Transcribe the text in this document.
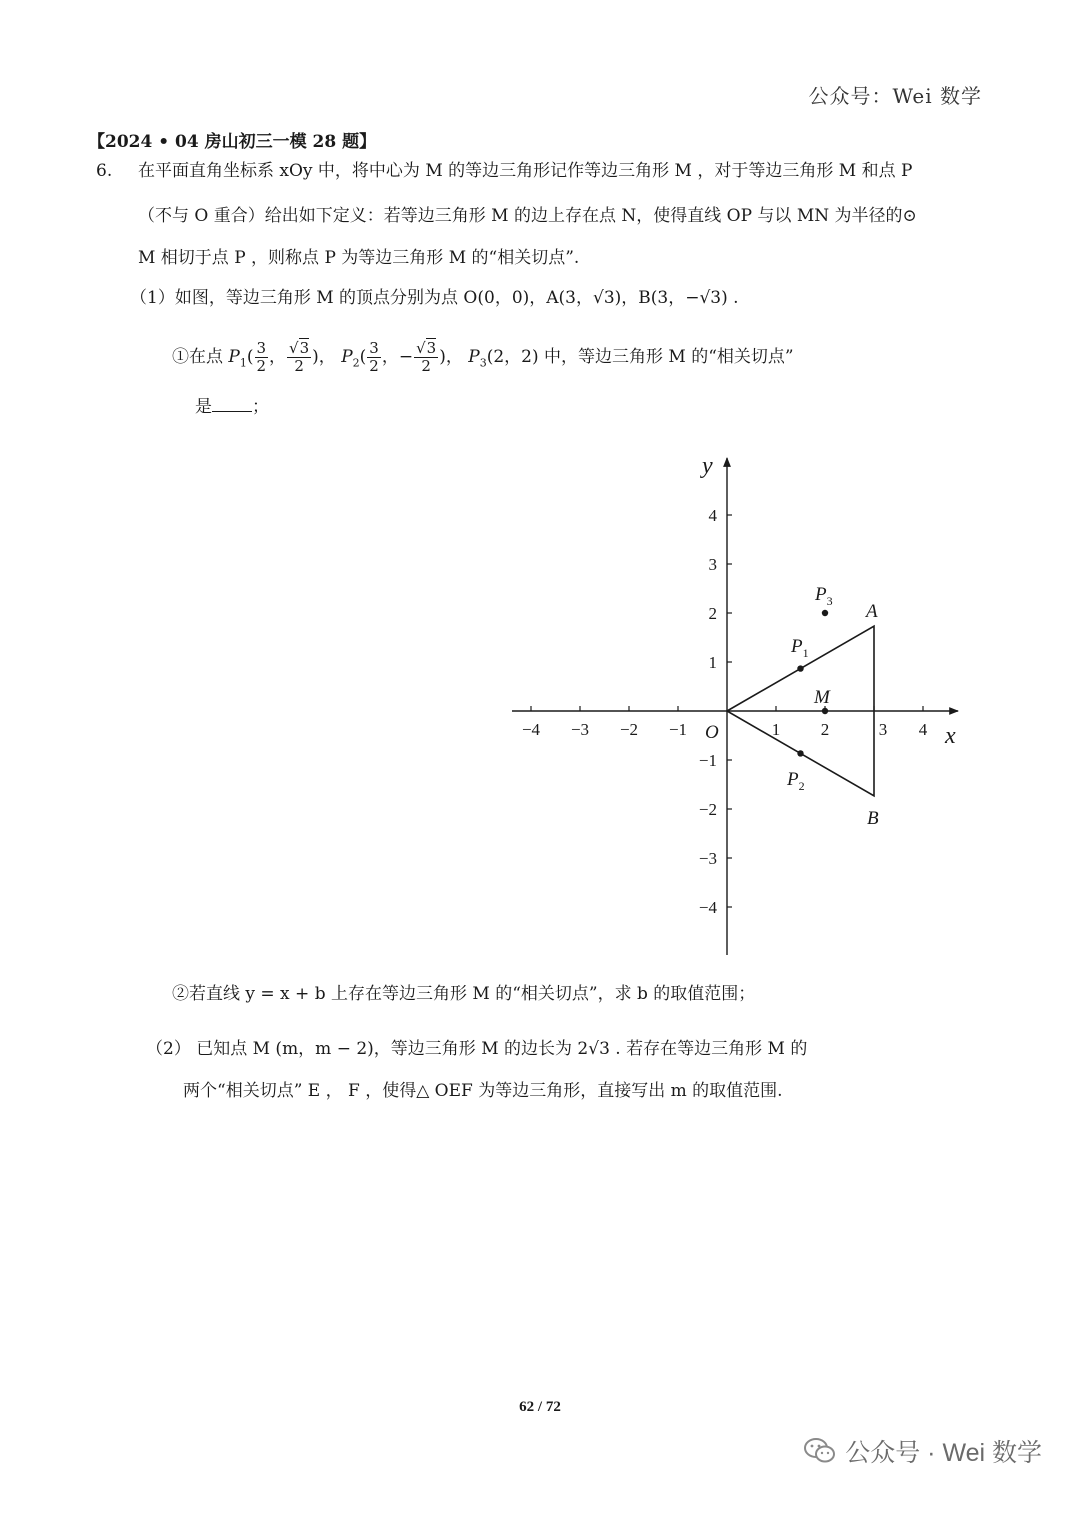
公众号：Wei 数学
【2024 • 04 房山初三一模 28 题】
6. 在平面直角坐标系 xOy 中，将中心为 M 的等边三角形记作等边三角形 M ，对于等边三角形 M 和点 P
（不与 O 重合）给出如下定义：若等边三角形 M 的边上存在点 N，使得直线 OP 与以 MN 为半径的⊙
M 相切于点 P ，则称点 P 为等边三角形 M 的“相关切点”.
（1）如图，等边三角形 M 的顶点分别为点 O(0，0)，A(3，√3)，B(3，−√3) .
①在点 $P_1( \frac{3}{2}$ ， $\frac{√3}{2}$ )， $P_2( \frac{3}{2}$ ，− $\frac{√3}{2}$ )， $P_3(2$，2) 中，等边三角形 M 的“相关切点”
是 ；
−4 −3 −2 −1	1 2	3 4
4
3
2
1
−1
−2
−3
−4
x
y
O
A
B
M
$P_1$
$P_2$
$P_3$
②若直线 y = x + b 上存在等边三角形 M 的“相关切点”，求 b 的取值范围；
（2） 已知点 M (m，m − 2)，等边三角形 M 的边长为 2√3 . 若存在等边三角形 M 的
两个“相关切点” E ， F ，使得△ OEF 为等边三角形，直接写出 m 的取值范围.
62 / 72
公众号 · Wei 数学
